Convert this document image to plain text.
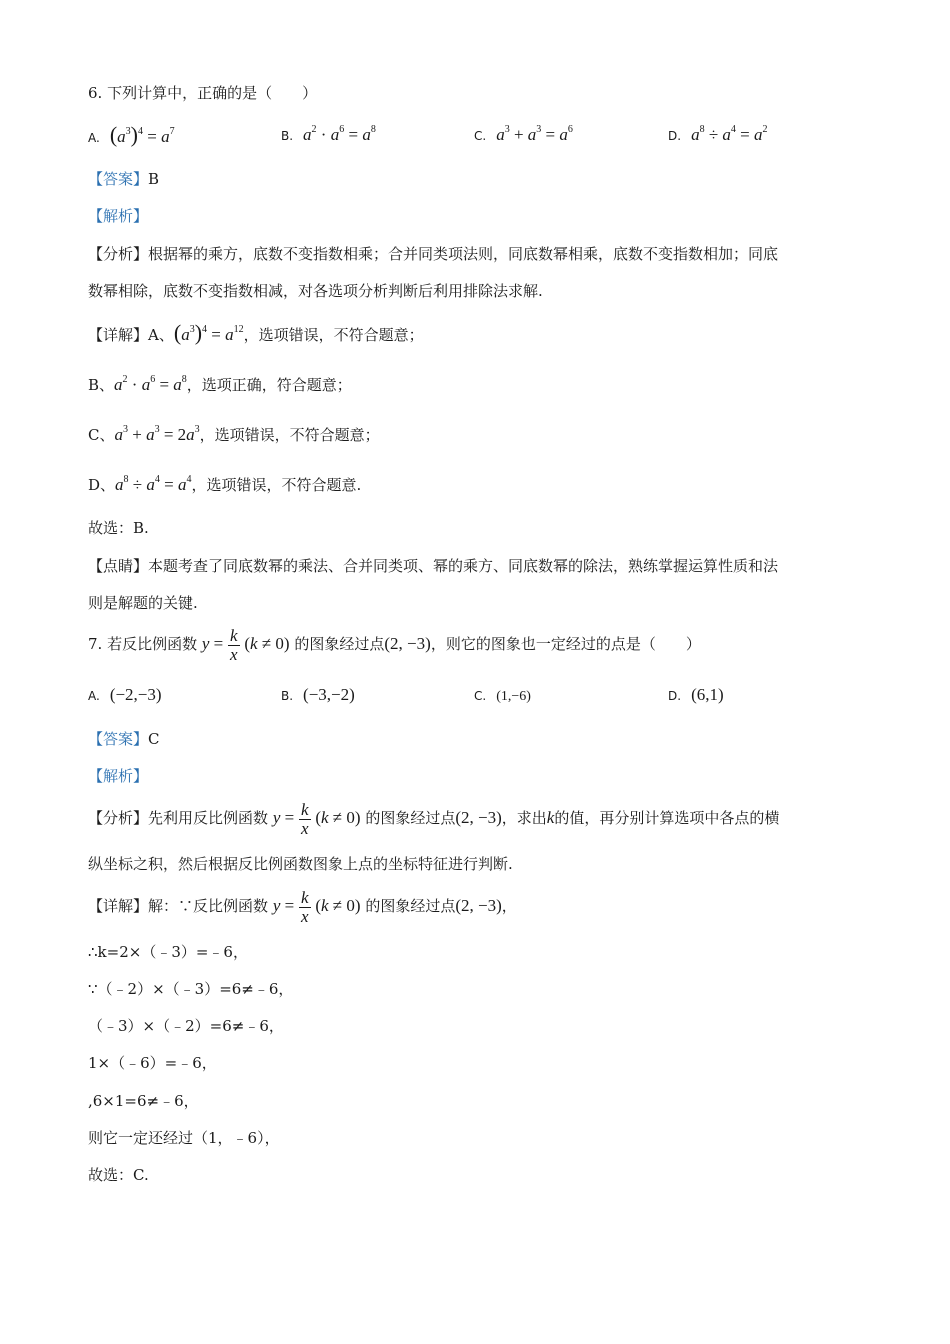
6. 下列计算中，正确的是（　　）
A. $(a^3)^4 = a^7$	B. $a^2 \cdot a^6 = a^8$	C. $a^3 + a^3 = a^6$	D. $a^8 \div a^4 = a^2$
【答案】B
【解析】
【分析】根据幂的乘方，底数不变指数相乘；合并同类项法则，同底数幂相乘，底数不变指数相加；同底
数幂相除，底数不变指数相减，对各选项分析判断后利用排除法求解.
【详解】A、$(a^3)^4 = a^{12}$，选项错误，不符合题意；
B、$a^2 \cdot a^6 = a^8$，选项正确，符合题意；
C、$a^3 + a^3 = 2a^3$，选项错误，不符合题意；
D、$a^8 \div a^4 = a^4$，选项错误，不符合题意.
故选：B.
【点睛】本题考查了同底数幂的乘法、合并同类项、幂的乘方、同底数幂的除法，熟练掌握运算性质和法
则是解题的关键.
7. 若反比例函数 $y = \frac{k}{x} (k \ne 0)$ 的图象经过点(2, −3)，则它的图象也一定经过的点是（　　）
A. (−2,−3)	B. (−3,−2)	C. (1,−6)	D. (6,1)
【答案】C
【解析】
【分析】先利用反比例函数 $y = \frac{k}{x} (k \ne 0)$ 的图象经过点(2, −3)，求出k的值，再分别计算选项中各点的横
纵坐标之积，然后根据反比例函数图象上点的坐标特征进行判断.
【详解】解：∵反比例函数 $y = \frac{k}{x} (k \ne 0)$ 的图象经过点(2, −3)，
∴k=2×（﹣3）=﹣6，
∵（﹣2）×（﹣3）=6≠﹣6，
（﹣3）×（﹣2）=6≠﹣6，
1×（﹣6）=﹣6，
,6×1=6≠﹣6，
则它一定还经过（1，﹣6），
故选：C.
